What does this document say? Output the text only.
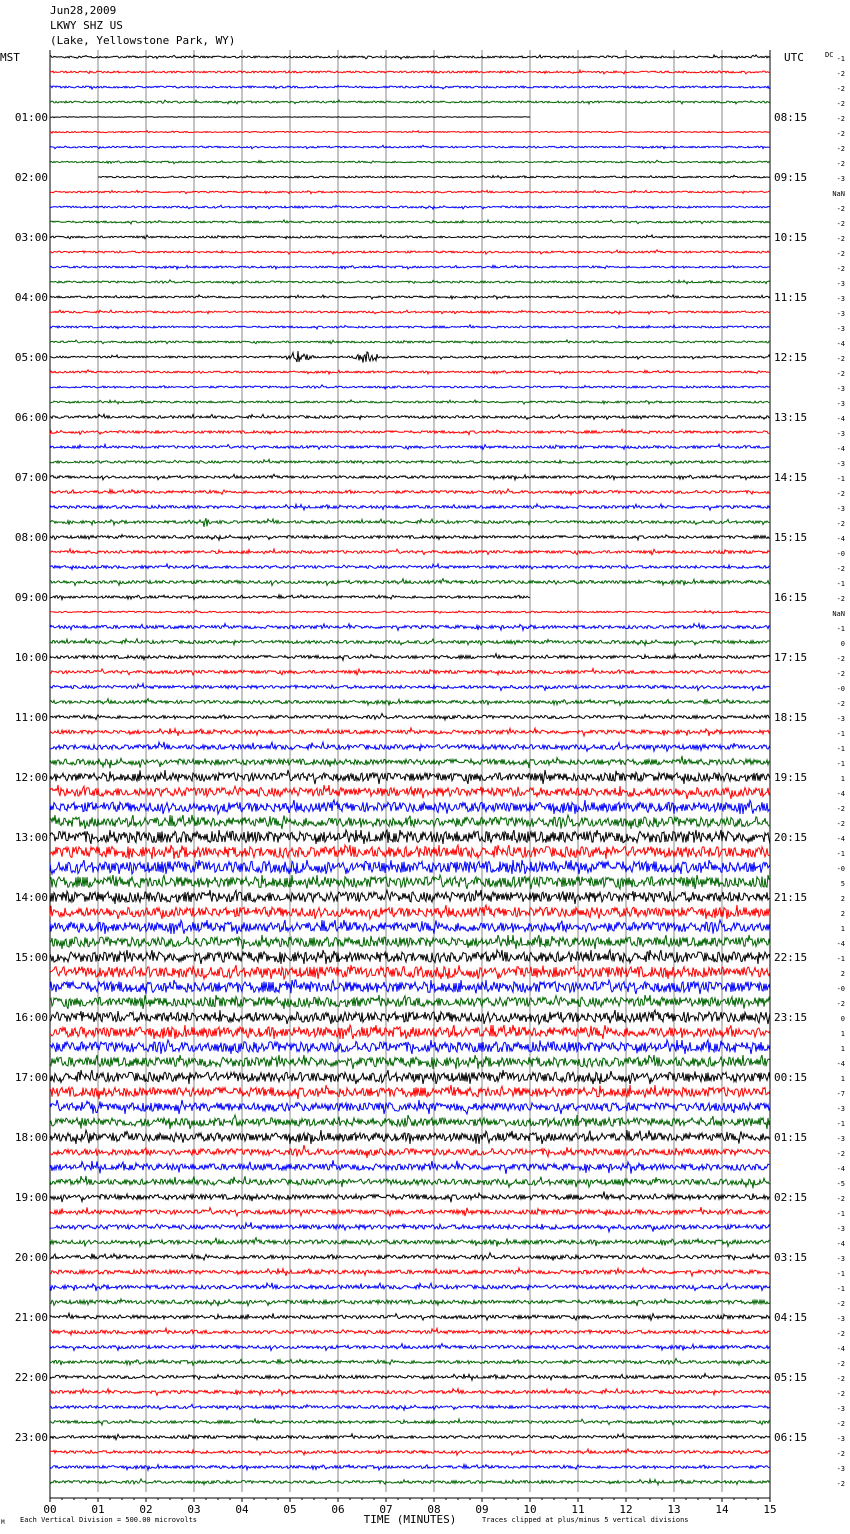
Jun28,2009
LKWY SHZ US
(Lake, Yellowstone Park, WY)
00	01	02	03	04	05	06	07	08	09	10	11	12	13	14	15
-1
-2
-2
-2
-2
-2
-2
-2
-3
NaN
-2
-2
-2
-2
-2
-3
-3
-3
-3
-4
-2
-2
-3
-3
-4
-3
-4
-3
-1
-2
-3
-2
-4
-0
-2
-1
-2
NaN
-1
0
-2
-2
-0
-2
-3
-1
-1
-1
1
-4
-2
-2
-4
-1
-0
5
2
2
1
-4
-1
2
-0
-2
0
1
1
-4
1
-7
-3
-1
-3
-2
-4
-5
-2
-1
-3
-4
-3
-1
-1
-2
-3
-2
-4
-2
-2
-2
-3
-2
-3
-2
-3
-2
01:00
02:00
03:00
04:00
05:00
06:00
07:00
08:00
09:00
10:00
11:00
12:00
13:00
14:00
15:00
16:00
17:00
18:00
19:00
20:00
21:00
22:00
23:00
08:15
09:15
10:15
11:15
12:15
13:15
14:15
15:15
16:15
17:15
18:15
19:15
20:15
21:15
22:15
23:15
00:15
01:15
02:15
03:15
04:15
05:15
06:15
MST	UTC	DC
TIME (MINUTES)
Each Vertical Division = 500.00 microvolts	Traces clipped at plus/minus 5 vertical divisions
M
